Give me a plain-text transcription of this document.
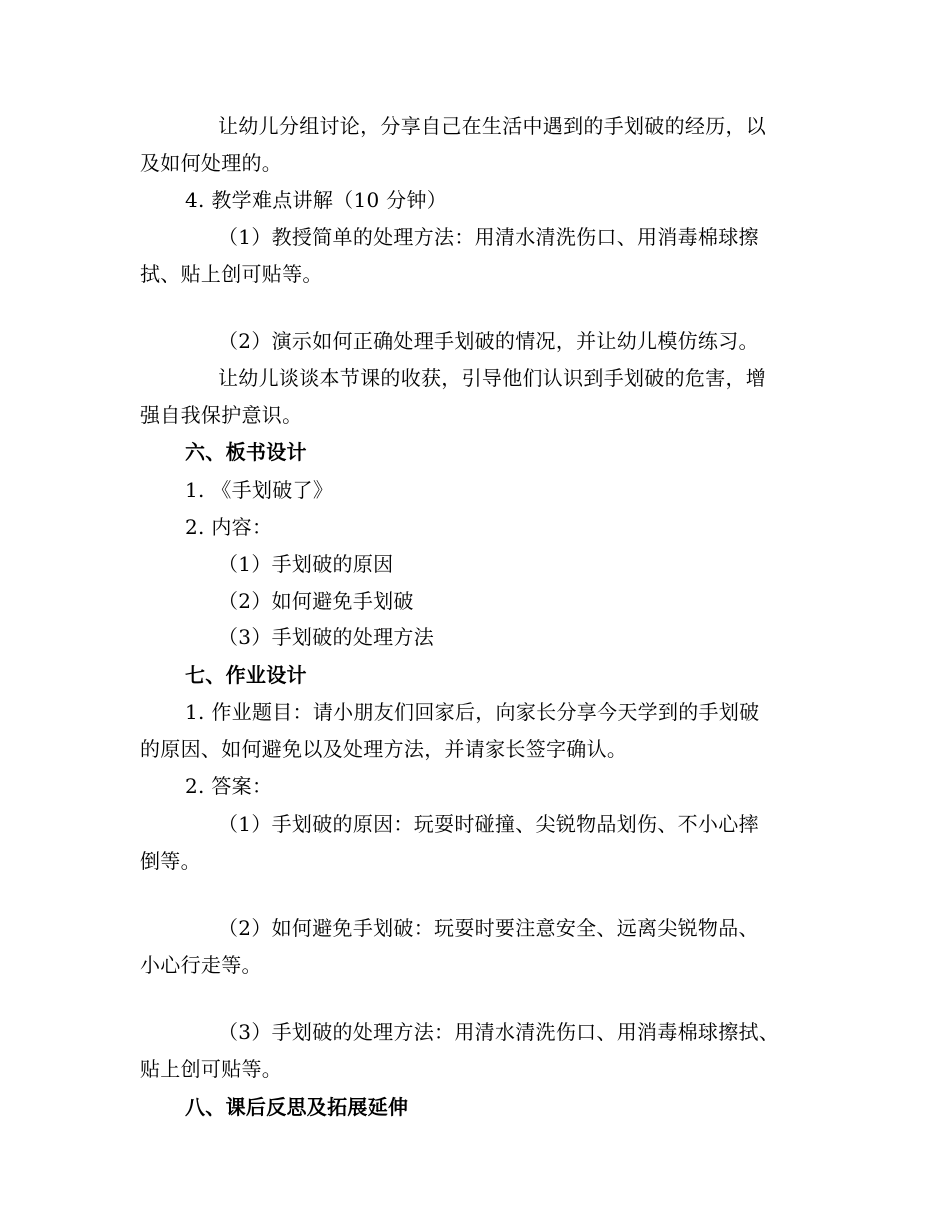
让幼儿分组讨论，分享自己在生活中遇到的手划破的经历，以
及如何处理的。
4. 教学难点讲解（10 分钟）
（1）教授简单的处理方法：用清水清洗伤口、用消毒棉球擦
拭、贴上创可贴等。
（2）演示如何正确处理手划破的情况，并让幼儿模仿练习。
让幼儿谈谈本节课的收获，引导他们认识到手划破的危害，增
强自我保护意识。
六、板书设计
1. 《手划破了》
2. 内容：
（1）手划破的原因
（2）如何避免手划破
（3）手划破的处理方法
七、作业设计
1. 作业题目：请小朋友们回家后，向家长分享今天学到的手划破
的原因、如何避免以及处理方法，并请家长签字确认。
2. 答案：
（1）手划破的原因：玩耍时碰撞、尖锐物品划伤、不小心摔
倒等。
（2）如何避免手划破：玩耍时要注意安全、远离尖锐物品、
小心行走等。
（3）手划破的处理方法：用清水清洗伤口、用消毒棉球擦拭、
贴上创可贴等。
八、课后反思及拓展延伸
